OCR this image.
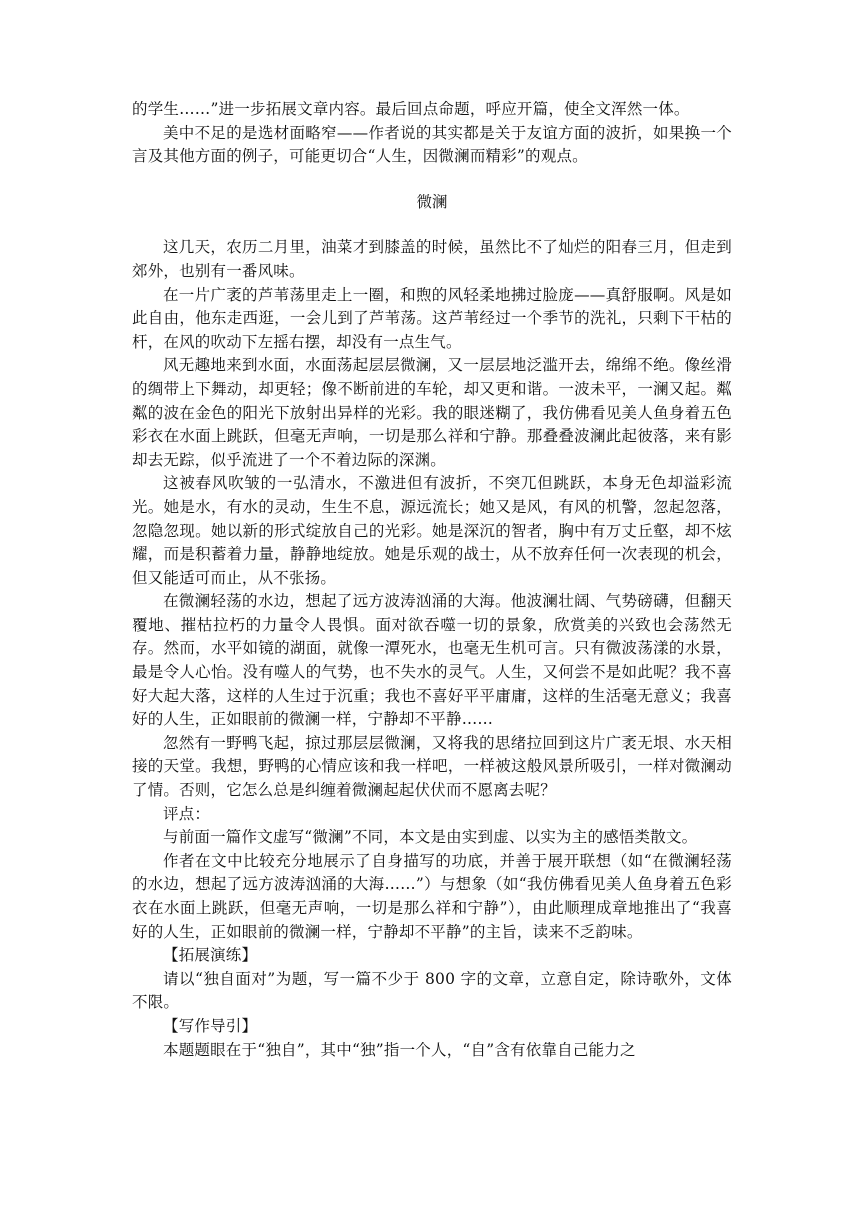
的学生……”进一步拓展文章内容。最后回点命题，呼应开篇，使全文浑然一体。

美中不足的是选材面略窄——作者说的其实都是关于友谊方面的波折，如果换一个言及其他方面的例子，可能更切合“人生，因微澜而精彩”的观点。

微澜

这几天，农历二月里，油菜才到膝盖的时候，虽然比不了灿烂的阳春三月，但走到郊外，也别有一番风味。

在一片广袤的芦苇荡里走上一圈，和煦的风轻柔地拂过脸庞——真舒服啊。风是如此自由，他东走西逛，一会儿到了芦苇荡。这芦苇经过一个季节的洗礼，只剩下干枯的杆，在风的吹动下左摇右摆，却没有一点生气。

风无趣地来到水面，水面荡起层层微澜，又一层层地泛滥开去，绵绵不绝。像丝滑的绸带上下舞动，却更轻；像不断前进的车轮，却又更和谐。一波未平，一澜又起。粼粼的波在金色的阳光下放射出异样的光彩。我的眼迷糊了，我仿佛看见美人鱼身着五色彩衣在水面上跳跃，但毫无声响，一切是那么祥和宁静。那叠叠波澜此起彼落，来有影却去无踪，似乎流进了一个不着边际的深渊。

这被春风吹皱的一弘清水，不激进但有波折，不突兀但跳跃，本身无色却溢彩流光。她是水，有水的灵动，生生不息，源远流长；她又是风，有风的机警，忽起忽落，忽隐忽现。她以新的形式绽放自己的光彩。她是深沉的智者，胸中有万丈丘壑，却不炫耀，而是积蓄着力量，静静地绽放。她是乐观的战士，从不放弃任何一次表现的机会，但又能适可而止，从不张扬。

在微澜轻荡的水边，想起了远方波涛汹涌的大海。他波澜壮阔、气势磅礴，但翻天覆地、摧枯拉朽的力量令人畏惧。面对欲吞噬一切的景象，欣赏美的兴致也会荡然无存。然而，水平如镜的湖面，就像一潭死水，也毫无生机可言。只有微波荡漾的水景，最是令人心怡。没有噬人的气势，也不失水的灵气。人生，又何尝不是如此呢？我不喜好大起大落，这样的人生过于沉重；我也不喜好平平庸庸，这样的生活毫无意义；我喜好的人生，正如眼前的微澜一样，宁静却不平静……

忽然有一野鸭飞起，掠过那层层微澜，又将我的思绪拉回到这片广袤无垠、水天相接的天堂。我想，野鸭的心情应该和我一样吧，一样被这般风景所吸引，一样对微澜动了情。否则，它怎么总是纠缠着微澜起起伏伏而不愿离去呢？

评点：

与前面一篇作文虚写“微澜”不同，本文是由实到虚、以实为主的感悟类散文。

作者在文中比较充分地展示了自身描写的功底，并善于展开联想（如“在微澜轻荡的水边，想起了远方波涛汹涌的大海……”）与想象（如“我仿佛看见美人鱼身着五色彩衣在水面上跳跃，但毫无声响，一切是那么祥和宁静”），由此顺理成章地推出了“我喜好的人生，正如眼前的微澜一样，宁静却不平静”的主旨，读来不乏韵味。

【拓展演练】

请以“独自面对”为题，写一篇不少于 800 字的文章，立意自定，除诗歌外，文体不限。

【写作导引】

本题题眼在于“独自”，其中“独”指一个人，“自”含有依靠自己能力之
